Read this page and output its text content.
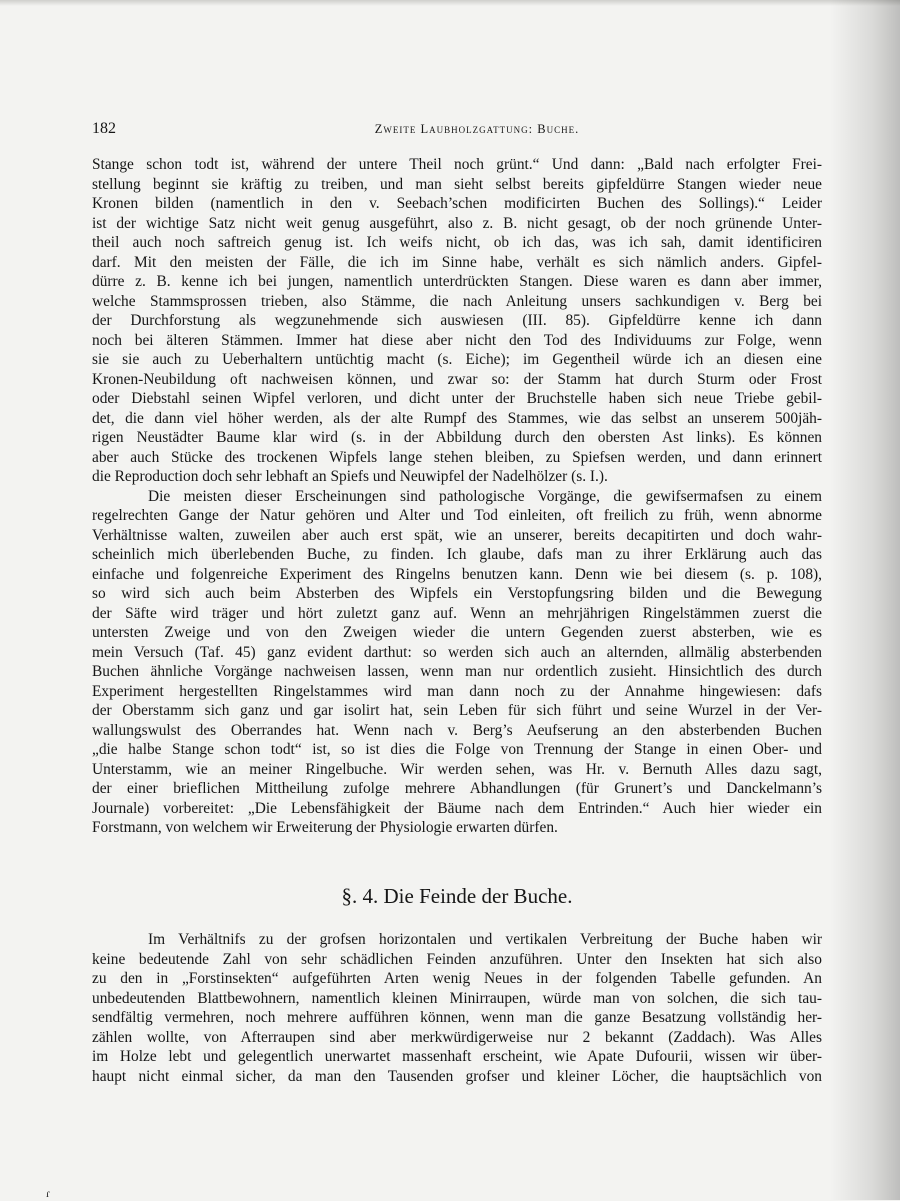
182	Zweite Laubholzgattung: Buche.
Stange schon todt ist, während der untere Theil noch grünt.“ Und dann: „Bald nach erfolgter Frei-
stellung beginnt sie kräftig zu treiben, und man sieht selbst bereits gipfeldürre Stangen wieder neue
Kronen bilden (namentlich in den v. Seebach’schen modificirten Buchen des Sollings).“ Leider
ist der wichtige Satz nicht weit genug ausgeführt, also z. B. nicht gesagt, ob der noch grünende Unter-
theil auch noch saftreich genug ist. Ich weifs nicht, ob ich das, was ich sah, damit identificiren
darf. Mit den meisten der Fälle, die ich im Sinne habe, verhält es sich nämlich anders. Gipfel-
dürre z. B. kenne ich bei jungen, namentlich unterdrückten Stangen. Diese waren es dann aber immer,
welche Stammsprossen trieben, also Stämme, die nach Anleitung unsers sachkundigen v. Berg bei
der Durchforstung als wegzunehmende sich auswiesen (III. 85). Gipfeldürre kenne ich dann
noch bei älteren Stämmen. Immer hat diese aber nicht den Tod des Individuums zur Folge, wenn
sie sie auch zu Ueberhaltern untüchtig macht (s. Eiche); im Gegentheil würde ich an diesen eine
Kronen-Neubildung oft nachweisen können, und zwar so: der Stamm hat durch Sturm oder Frost
oder Diebstahl seinen Wipfel verloren, und dicht unter der Bruchstelle haben sich neue Triebe gebil-
det, die dann viel höher werden, als der alte Rumpf des Stammes, wie das selbst an unserem 500jäh-
rigen Neustädter Baume klar wird (s. in der Abbildung durch den obersten Ast links). Es können
aber auch Stücke des trockenen Wipfels lange stehen bleiben, zu Spiefsen werden, und dann erinnert
die Reproduction doch sehr lebhaft an Spiefs und Neuwipfel der Nadelhölzer (s. I.).
Die meisten dieser Erscheinungen sind pathologische Vorgänge, die gewifsermafsen zu einem
regelrechten Gange der Natur gehören und Alter und Tod einleiten, oft freilich zu früh, wenn abnorme
Verhältnisse walten, zuweilen aber auch erst spät, wie an unserer, bereits decapitirten und doch wahr-
scheinlich mich überlebenden Buche, zu finden. Ich glaube, dafs man zu ihrer Erklärung auch das
einfache und folgenreiche Experiment des Ringelns benutzen kann. Denn wie bei diesem (s. p. 108),
so wird sich auch beim Absterben des Wipfels ein Verstopfungsring bilden und die Bewegung
der Säfte wird träger und hört zuletzt ganz auf. Wenn an mehrjährigen Ringelstämmen zuerst die
untersten Zweige und von den Zweigen wieder die untern Gegenden zuerst absterben, wie es
mein Versuch (Taf. 45) ganz evident darthut: so werden sich auch an alternden, allmälig absterbenden
Buchen ähnliche Vorgänge nachweisen lassen, wenn man nur ordentlich zusieht. Hinsichtlich des durch
Experiment hergestellten Ringelstammes wird man dann noch zu der Annahme hingewiesen: dafs
der Oberstamm sich ganz und gar isolirt hat, sein Leben für sich führt und seine Wurzel in der Ver-
wallungswulst des Oberrandes hat. Wenn nach v. Berg’s Aeufserung an den absterbenden Buchen
„die halbe Stange schon todt“ ist, so ist dies die Folge von Trennung der Stange in einen Ober- und
Unterstamm, wie an meiner Ringelbuche. Wir werden sehen, was Hr. v. Bernuth Alles dazu sagt,
der einer brieflichen Mittheilung zufolge mehrere Abhandlungen (für Grunert’s und Danckelmann’s
Journale) vorbereitet: „Die Lebensfähigkeit der Bäume nach dem Entrinden.“ Auch hier wieder ein
Forstmann, von welchem wir Erweiterung der Physiologie erwarten dürfen.
§. 4. Die Feinde der Buche.
Im Verhältnifs zu der grofsen horizontalen und vertikalen Verbreitung der Buche haben wir
keine bedeutende Zahl von sehr schädlichen Feinden anzuführen. Unter den Insekten hat sich also
zu den in „Forstinsekten“ aufgeführten Arten wenig Neues in der folgenden Tabelle gefunden. An
unbedeutenden Blattbewohnern, namentlich kleinen Minirraupen, würde man von solchen, die sich tau-
sendfältig vermehren, noch mehrere aufführen können, wenn man die ganze Besatzung vollständig her-
zählen wollte, von Afterraupen sind aber merkwürdigerweise nur 2 bekannt (Zaddach). Was Alles
im Holze lebt und gelegentlich unerwartet massenhaft erscheint, wie Apate Dufourii, wissen wir über-
haupt nicht einmal sicher, da man den Tausenden grofser und kleiner Löcher, die hauptsächlich von
ɾ
